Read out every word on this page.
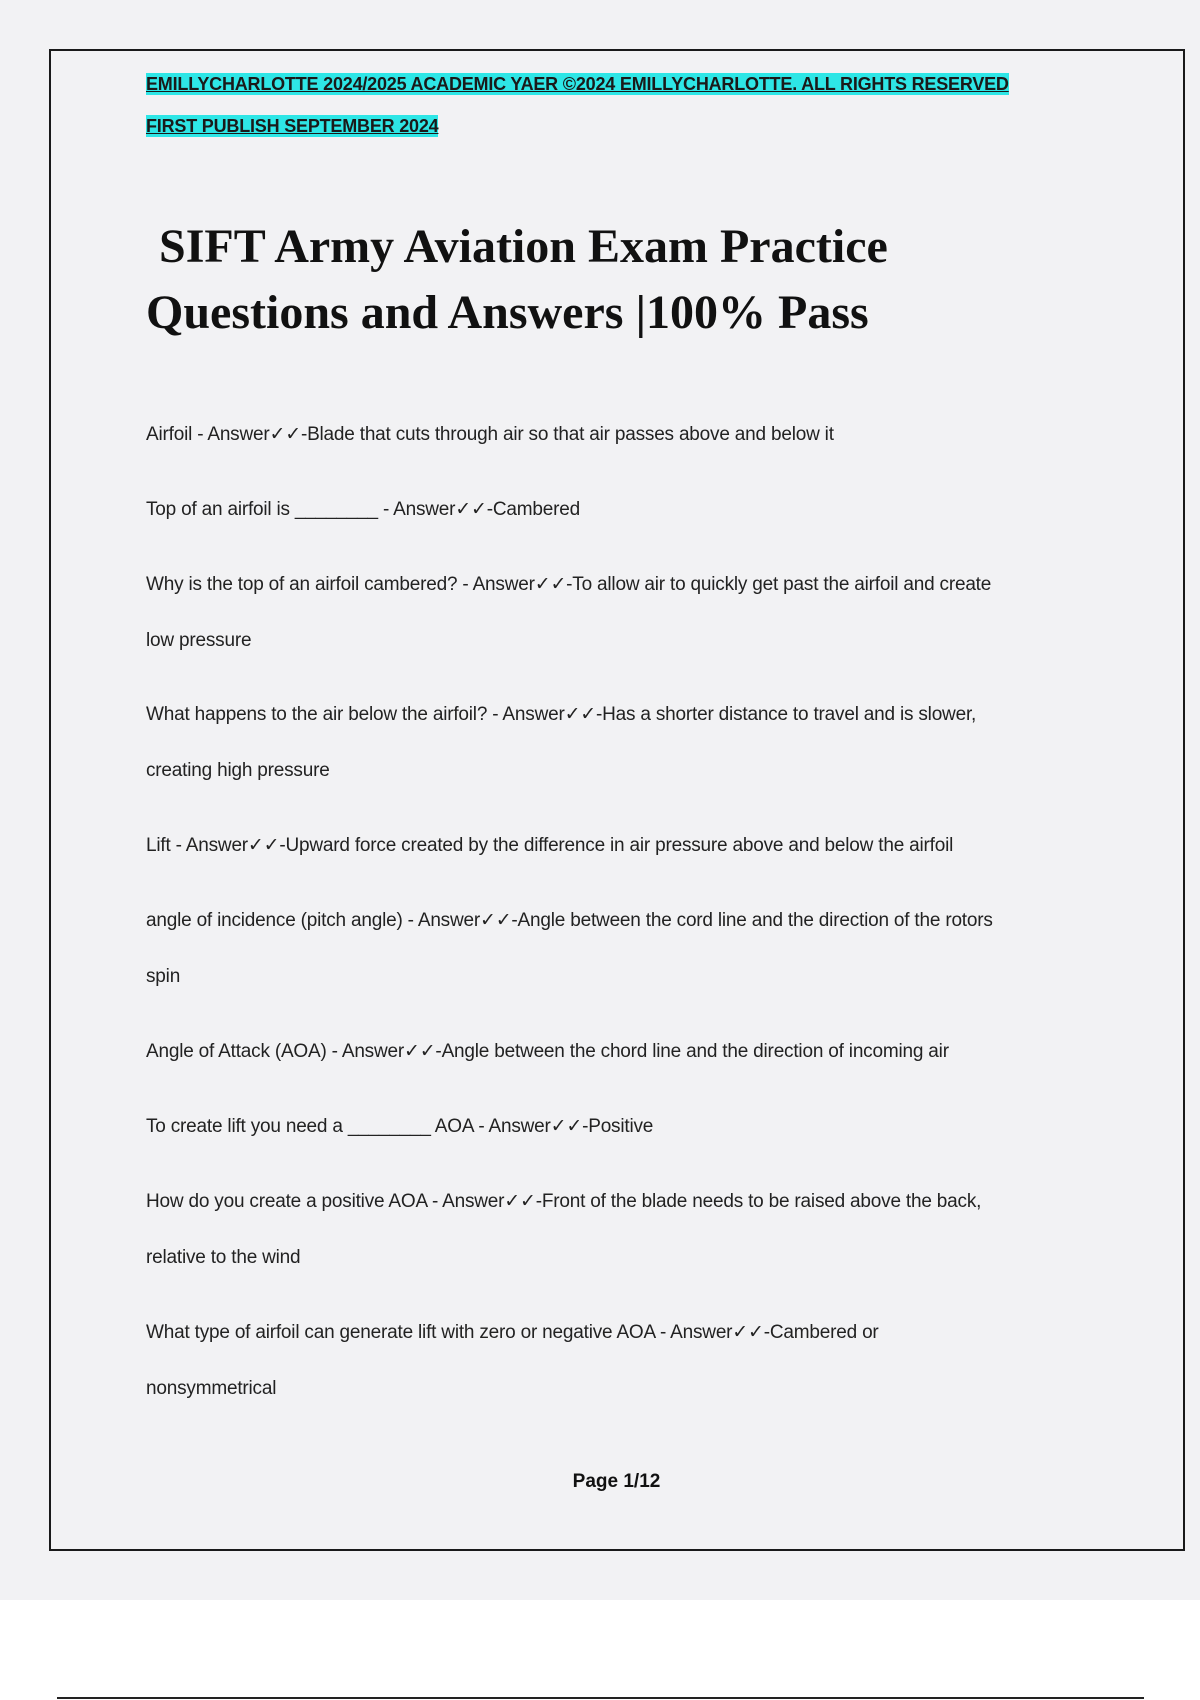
EMILLYCHARLOTTE 2024/2025 ACADEMIC YAER ©2024 EMILLYCHARLOTTE. ALL RIGHTS RESERVED
FIRST PUBLISH SEPTEMBER 2024
SIFT Army Aviation Exam Practice
Questions and Answers |100% Pass

Airfoil - Answer✓✓-Blade that cuts through air so that air passes above and below it

Top of an airfoil is ________ - Answer✓✓-Cambered

Why is the top of an airfoil cambered? - Answer✓✓-To allow air to quickly get past the airfoil and create
low pressure

What happens to the air below the airfoil? - Answer✓✓-Has a shorter distance to travel and is slower,
creating high pressure

Lift - Answer✓✓-Upward force created by the difference in air pressure above and below the airfoil

angle of incidence (pitch angle) - Answer✓✓-Angle between the cord line and the direction of the rotors
spin

Angle of Attack (AOA) - Answer✓✓-Angle between the chord line and the direction of incoming air

To create lift you need a ________ AOA - Answer✓✓-Positive

How do you create a positive AOA - Answer✓✓-Front of the blade needs to be raised above the back,
relative to the wind

What type of airfoil can generate lift with zero or negative AOA - Answer✓✓-Cambered or
nonsymmetrical

Page 1/12
